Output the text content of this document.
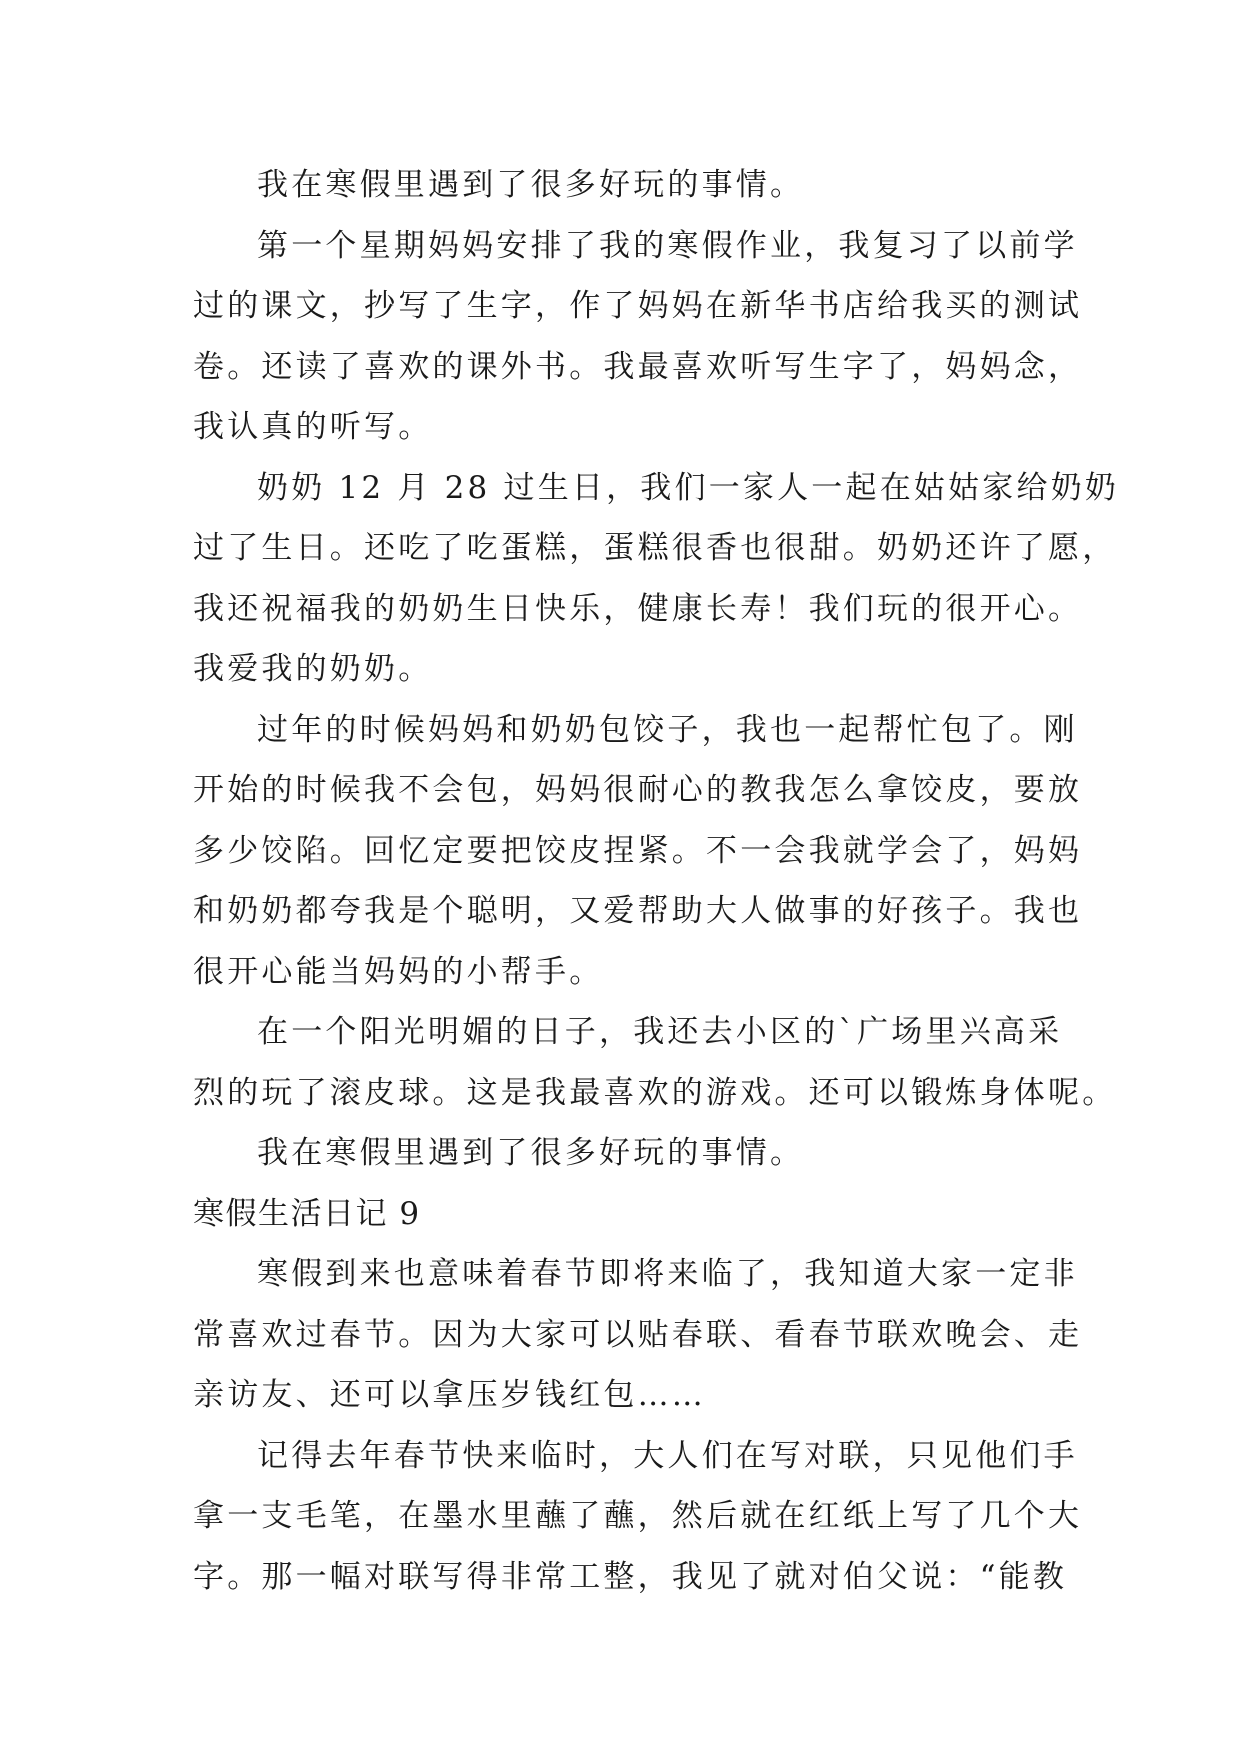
我在寒假里遇到了很多好玩的事情。
第一个星期妈妈安排了我的寒假作业，我复习了以前学
过的课文，抄写了生字，作了妈妈在新华书店给我买的测试
卷。还读了喜欢的课外书。我最喜欢听写生字了，妈妈念，
我认真的听写。
奶奶 12 月 28 过生日，我们一家人一起在姑姑家给奶奶
过了生日。还吃了吃蛋糕，蛋糕很香也很甜。奶奶还许了愿，
我还祝福我的奶奶生日快乐，健康长寿！我们玩的很开心。
我爱我的奶奶。
过年的时候妈妈和奶奶包饺子，我也一起帮忙包了。刚
开始的时候我不会包，妈妈很耐心的教我怎么拿饺皮，要放
多少饺陷。回忆定要把饺皮捏紧。不一会我就学会了，妈妈
和奶奶都夸我是个聪明，又爱帮助大人做事的好孩子。我也
很开心能当妈妈的小帮手。
在一个阳光明媚的日子，我还去小区的`广场里兴高采
烈的玩了滚皮球。这是我最喜欢的游戏。还可以锻炼身体呢。
我在寒假里遇到了很多好玩的事情。
寒假生活日记 9
寒假到来也意味着春节即将来临了，我知道大家一定非
常喜欢过春节。因为大家可以贴春联、看春节联欢晚会、走
亲访友、还可以拿压岁钱红包……
记得去年春节快来临时，大人们在写对联，只见他们手
拿一支毛笔，在墨水里蘸了蘸，然后就在红纸上写了几个大
字。那一幅对联写得非常工整，我见了就对伯父说：“能教
